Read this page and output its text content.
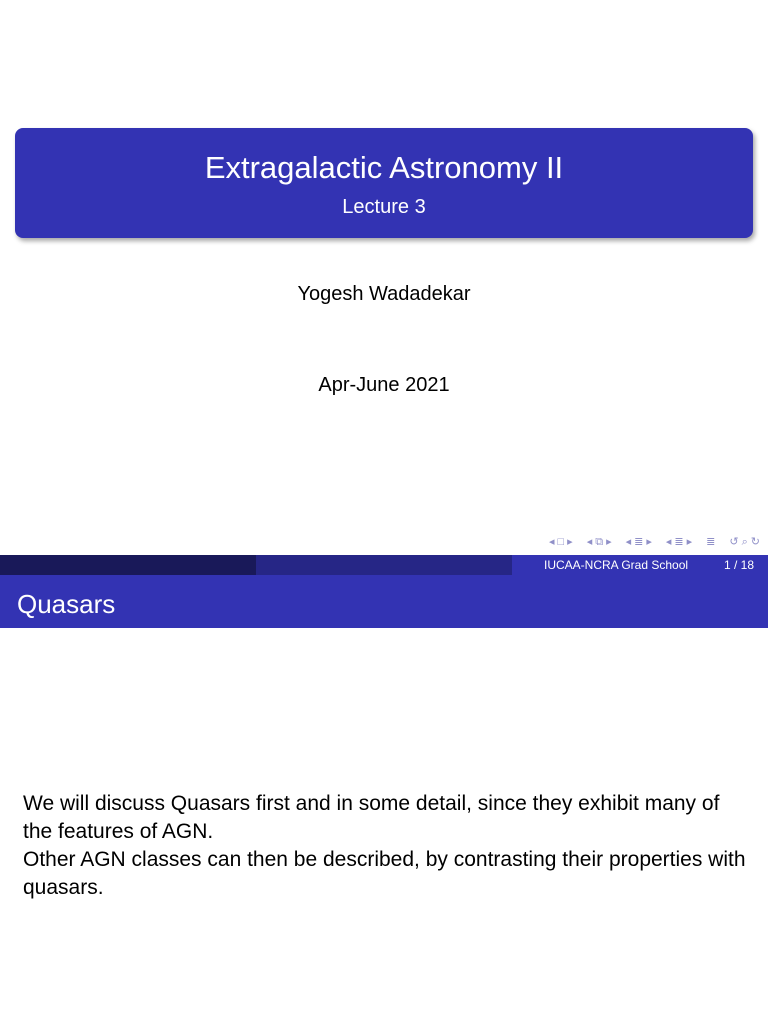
Extragalactic Astronomy II
Lecture 3
Yogesh Wadadekar
Apr-June 2021
◂ □ ▸ ◂ ⧉ ▸ ◂ ≣ ▸ ◂ ≣ ▸ ≣ ↺ ⌕ ↻
IUCAA-NCRA Grad School	1 / 18
Quasars

We will discuss Quasars first and in some detail, since they exhibit many of the features of AGN.

Other AGN classes can then be described, by contrasting their properties with quasars.
